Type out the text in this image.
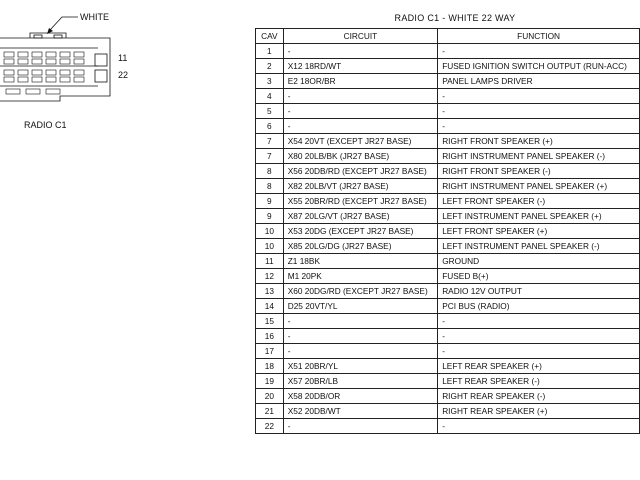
WHITE
11
22
RADIO C1
RADIO C1 - WHITE 22 WAY
CAV	CIRCUIT	FUNCTION
1	-	-
2	X12 18RD/WT	FUSED IGNITION SWITCH OUTPUT (RUN-ACC)
3	E2 18OR/BR	PANEL LAMPS DRIVER
4	-	-
5	-	-
6	-	-
7	X54 20VT (EXCEPT JR27 BASE)	RIGHT FRONT SPEAKER (+)
7	X80 20LB/BK (JR27 BASE)	RIGHT INSTRUMENT PANEL SPEAKER (-)
8	X56 20DB/RD (EXCEPT JR27 BASE)	RIGHT FRONT SPEAKER (-)
8	X82 20LB/VT (JR27 BASE)	RIGHT INSTRUMENT PANEL SPEAKER (+)
9	X55 20BR/RD (EXCEPT JR27 BASE)	LEFT FRONT SPEAKER (-)
9	X87 20LG/VT (JR27 BASE)	LEFT INSTRUMENT PANEL SPEAKER (+)
10	X53 20DG (EXCEPT JR27 BASE)	LEFT FRONT SPEAKER (+)
10	X85 20LG/DG (JR27 BASE)	LEFT INSTRUMENT PANEL SPEAKER (-)
11	Z1 18BK	GROUND
12	M1 20PK	FUSED B(+)
13	X60 20DG/RD (EXCEPT JR27 BASE)	RADIO 12V OUTPUT
14	D25 20VT/YL	PCI BUS (RADIO)
15	-	-
16	-	-
17	-	-
18	X51 20BR/YL	LEFT REAR SPEAKER (+)
19	X57 20BR/LB	LEFT REAR SPEAKER (-)
20	X58 20DB/OR	RIGHT REAR SPEAKER (-)
21	X52 20DB/WT	RIGHT REAR SPEAKER (+)
22	-	-
